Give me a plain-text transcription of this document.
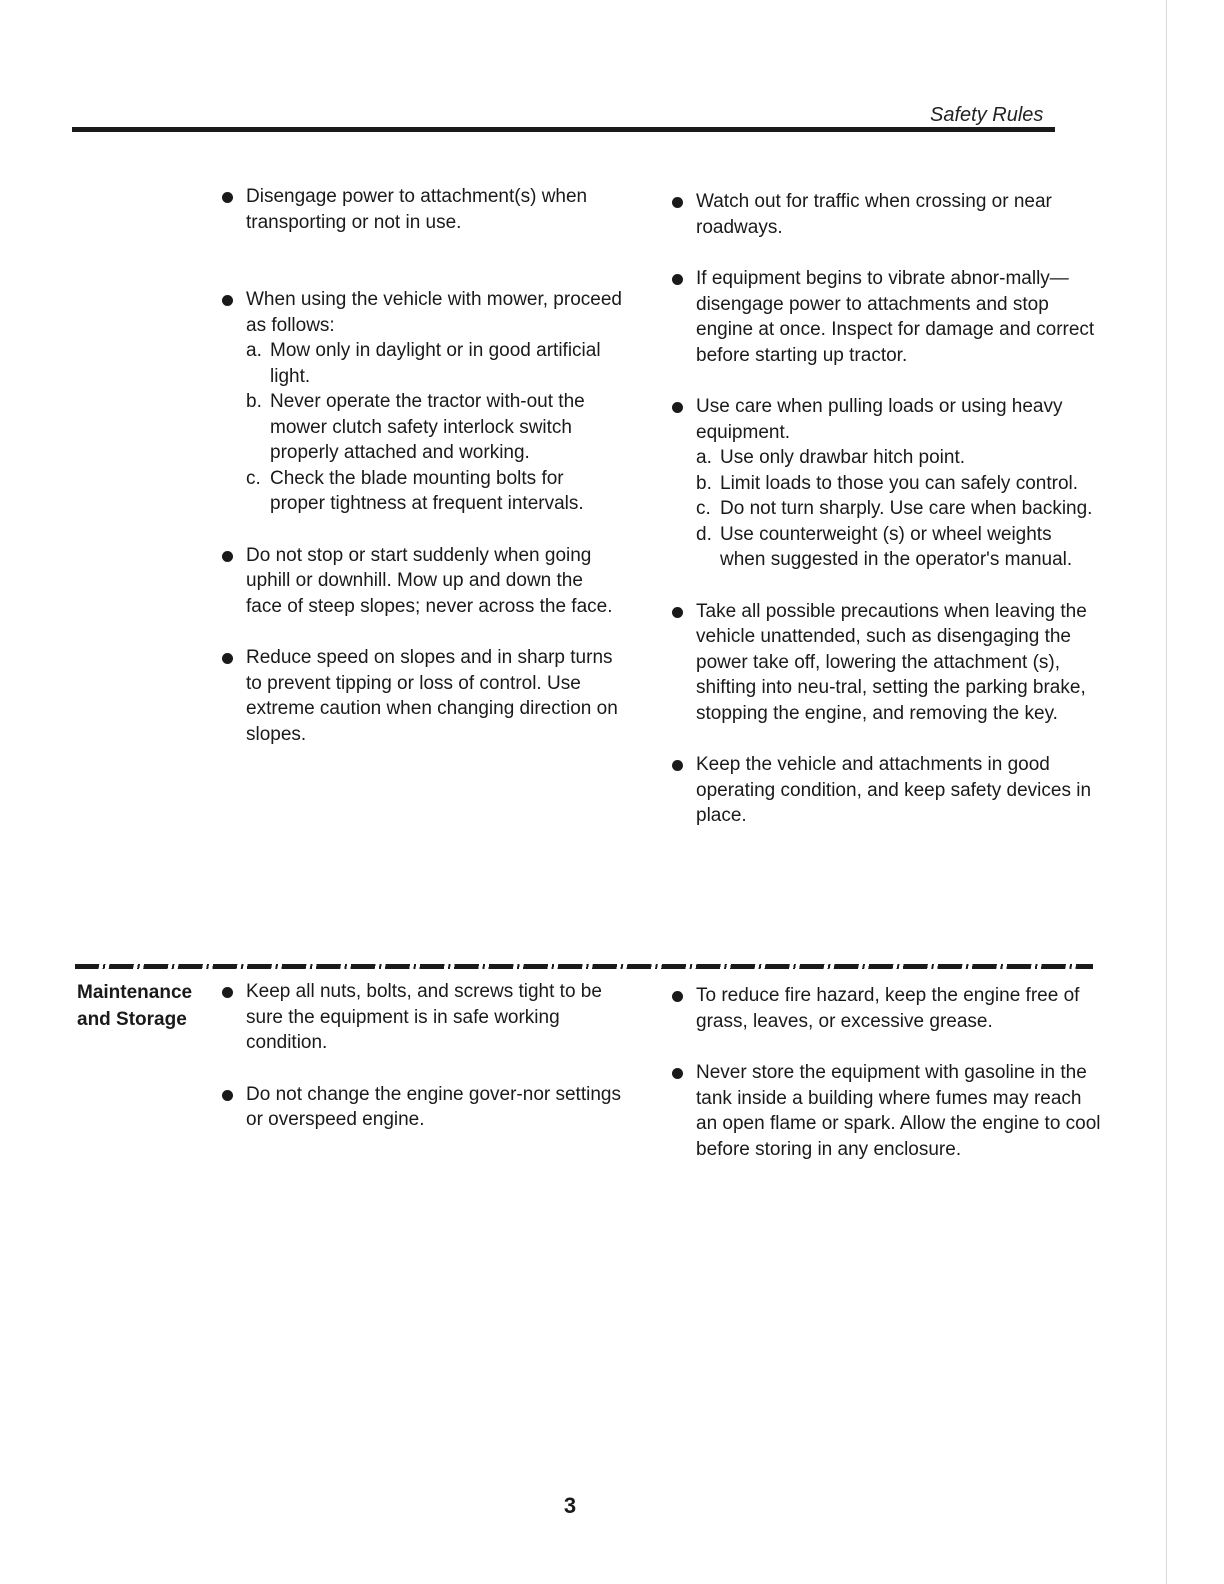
Safety Rules
Disengage power to attachment(s) when transporting or not in use.
When using the vehicle with mower, proceed as follows:
a. Mow only in daylight or in good artificial light.
b. Never operate the tractor with-out the mower clutch safety interlock switch properly attached and working.
c. Check the blade mounting bolts for proper tightness at frequent intervals.
Do not stop or start suddenly when going uphill or downhill. Mow up and down the face of steep slopes; never across the face.
Reduce speed on slopes and in sharp turns to prevent tipping or loss of control. Use extreme caution when changing direction on slopes.
Watch out for traffic when crossing or near roadways.
If equipment begins to vibrate abnor-mally—disengage power to attachments and stop engine at once. Inspect for damage and correct before starting up tractor.
Use care when pulling loads or using heavy equipment.
a. Use only drawbar hitch point.
b. Limit loads to those you can safely control.
c. Do not turn sharply. Use care when backing.
d. Use counterweight (s) or wheel weights when suggested in the operator's manual.
Take all possible precautions when leaving the vehicle unattended, such as disengaging the power take off, lowering the attachment (s), shifting into neu-tral, setting the parking brake, stopping the engine, and removing the key.
Keep the vehicle and attachments in good operating condition, and keep safety devices in place.
Maintenance
and Storage
Keep all nuts, bolts, and screws tight to be sure the equipment is in safe working condition.
Do not change the engine gover-nor settings or overspeed engine.
To reduce fire hazard, keep the engine free of grass, leaves, or excessive grease.
Never store the equipment with gasoline in the tank inside a building where fumes may reach an open flame or spark. Allow the engine to cool before storing in any enclosure.
3
